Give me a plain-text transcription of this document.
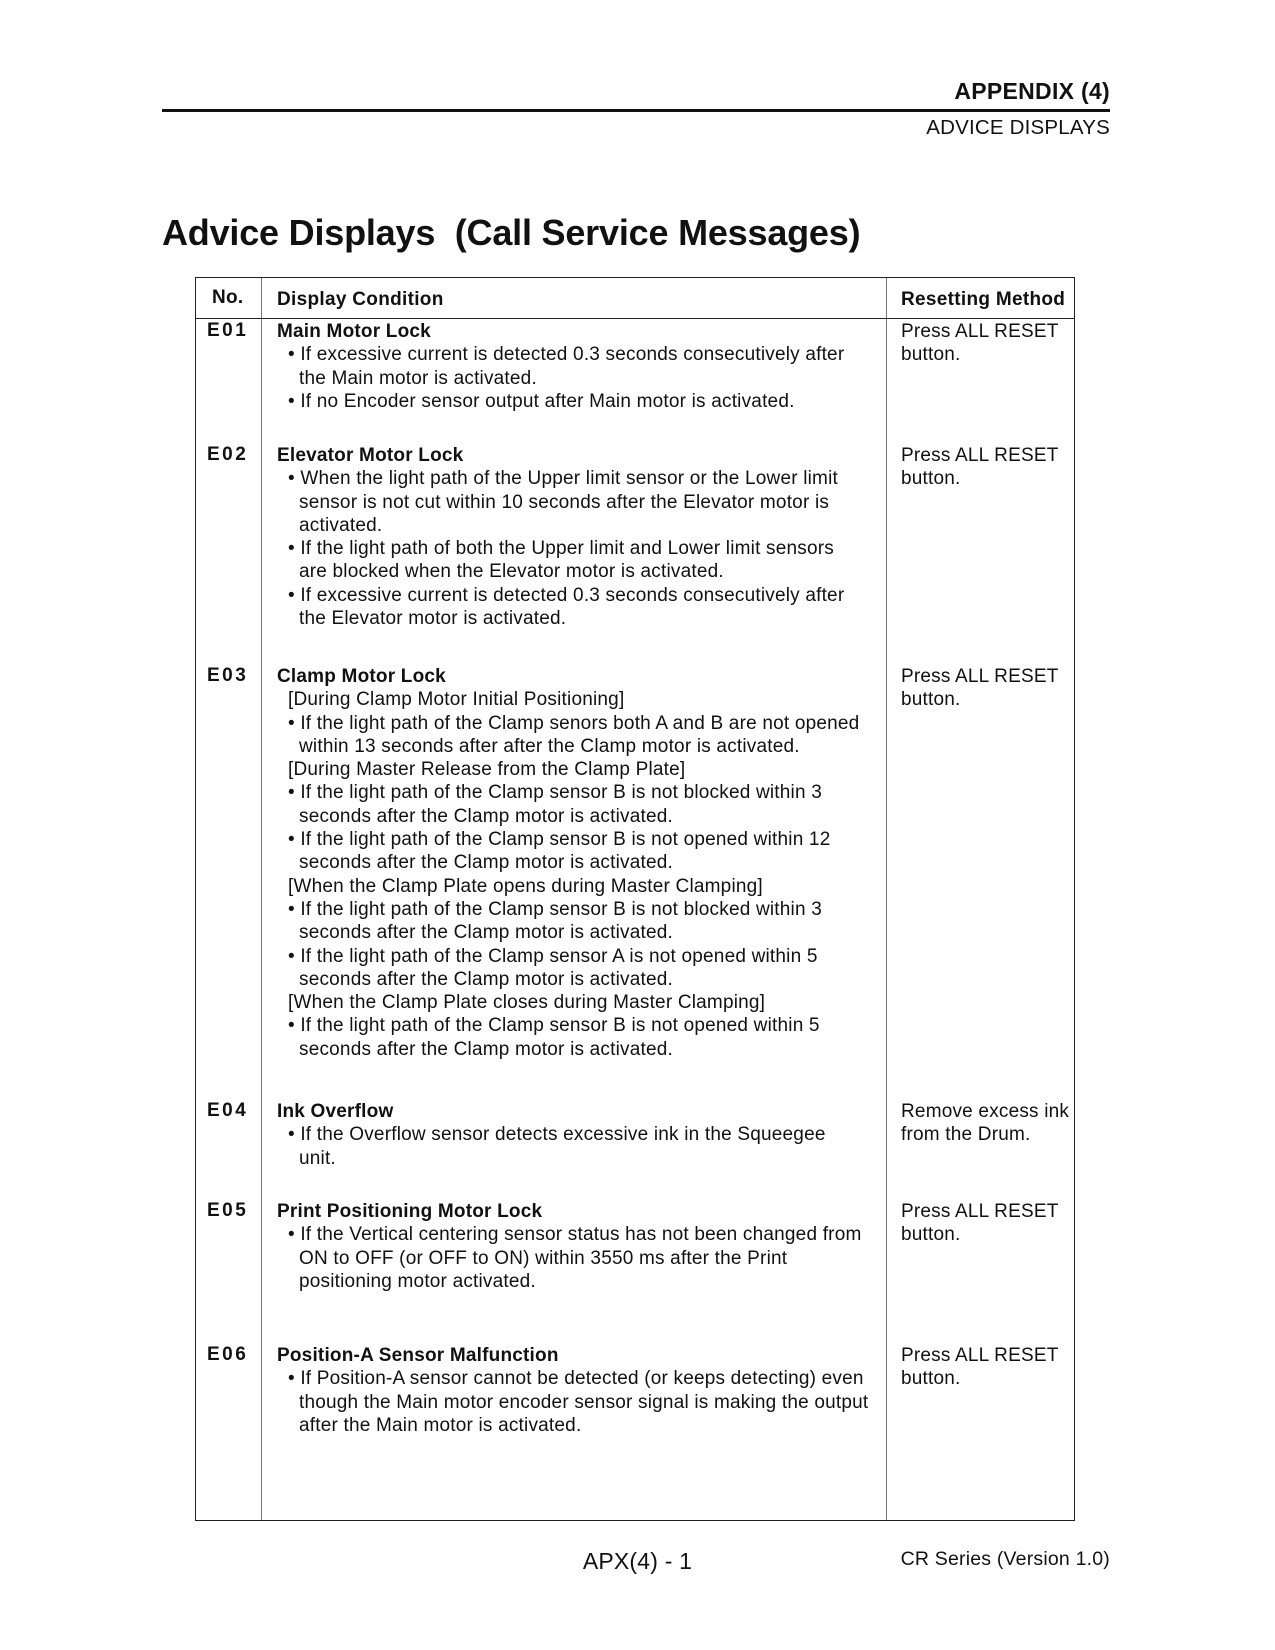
APPENDIX (4)
ADVICE DISPLAYS
Advice Displays  (Call Service Messages)
No. Display Condition	Resetting Method
E01 Main Motor Lock
• If excessive current is detected 0.3 seconds consecutively after
the Main motor is activated.
• If no Encoder sensor output after Main motor is activated.
Press ALL RESET
button.
E02 Elevator Motor Lock
• When the light path of the Upper limit sensor or the Lower limit
sensor is not cut within 10 seconds after the Elevator motor is
activated.
• If the light path of both the Upper limit and Lower limit sensors
are blocked when the Elevator motor is activated.
• If excessive current is detected 0.3 seconds consecutively after
the Elevator motor is activated.
Press ALL RESET
button.
E03 Clamp Motor Lock
[During Clamp Motor Initial Positioning]
• If the light path of the Clamp senors both A and B are not opened
within 13 seconds after after the Clamp motor is activated.
[During Master Release from the Clamp Plate]
• If the light path of the Clamp sensor B is not blocked within 3
seconds after the Clamp motor is activated.
• If the light path of the Clamp sensor B is not opened within 12
seconds after the Clamp motor is activated.
[When the Clamp Plate opens during Master Clamping]
• If the light path of the Clamp sensor B is not blocked within 3
seconds after the Clamp motor is activated.
• If the light path of the Clamp sensor A is not opened within 5
seconds after the Clamp motor is activated.
[When the Clamp Plate closes during Master Clamping]
• If the light path of the Clamp sensor B is not opened within 5
seconds after the Clamp motor is activated.
Press ALL RESET
button.
E04 Ink Overflow
• If the Overflow sensor detects excessive ink in the Squeegee
unit.
Remove excess ink
from the Drum.
E05 Print Positioning Motor Lock
• If the Vertical centering sensor status has not been changed from
ON to OFF (or OFF to ON) within 3550 ms after the Print
positioning motor activated.
Press ALL RESET
button.
E06 Position-A Sensor Malfunction
• If Position-A sensor cannot be detected (or keeps detecting) even
though the Main motor encoder sensor signal is making the output
after the Main motor is activated.
Press ALL RESET
button.
APX(4) - 1	CR Series (Version 1.0)
